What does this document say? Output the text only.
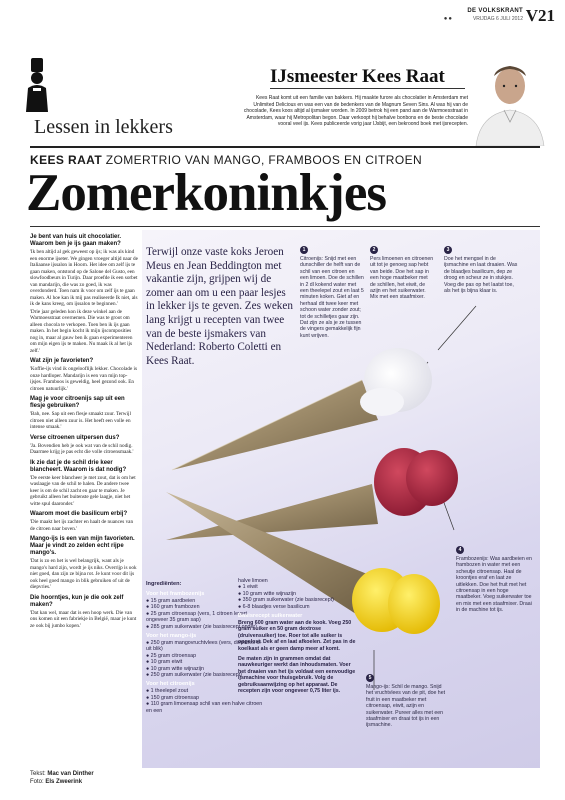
●●
DE VOLKSKRANT
VRIJDAG 6 JULI 2012 V21
Lessen in lekkers
IJsmeester Kees Raat
Kees Raat komt uit een familie van bakkers. Hij maakte furore als chocolatier in Amsterdam met Unlimited Delicious en was een van de bedenkers van de Magnum Seven Sins. Al was hij van de chocolade, Kees koos altijd al ijsmaker worden. In 2009 betrok hij een pand aan de Warmoesstraat in Amsterdam, waar hij Metropolitan begon. Daar verkoopt hij behalve bonbons en de beste chocolade vooral veel ijs. Kees publiceerde vorig jaar IJsbijt, een bekroond boek met ijsrecepten.
KEES RAAT ZOMERTRIO VAN MANGO, FRAMBOOS EN CITROEN
Zomerkoninkjes
Je bent van huis uit chocolatier. Waarom ben je ijs gaan maken?
'Ik ben altijd al gek geweest op ijs; ik was als kind een enorme ijseter. We gingen vroeger altijd naar de Italiaanse ijssalon in Hoorn. Het idee om zelf ijs te gaan maken, ontstond op de Salone del Gusto, een slowfoodbeurs in Turijn. Daar proefde ik een sorbet van mandarijn, die was zo goed, ik was overdonderd. Toen nam ik voor om zelf ijs te gaan maken. Al hoe kan ik mij pas realiseerde Ik niet, als ik de kans kreeg, om ijssalon te beginnen.'
'Drie jaar geleden kon ik deze winkel aan de Warmoesstraat overnemen. Die was te groot om alleen chocola te verkopen. Toen ben ik ijs gaan maken. In het begin kocht ik mijn ijscomposities nog in, maar al gauw ben ik gaan experimenteren om mijn eigen ijs te maken. Nu maak ik al het ijs zelf.'
Wat zijn je favorieten?
'Koffie-ijs vind ik ongelooflijk lekker. Chocolade is onze hardloper. Mandarijn is een van mijn top-ijsjes. Framboos is geweldig, heel gezond ook. En citroen natuurlijk.'
Mag je voor citroenijs sap uit een flesje gebruiken?
'Bah, nee. Sap uit een flesje smaakt zuur. Terwijl citroen niet alleen zuur is. Het heeft een volle en intense smaak.'
Verse citroenen uitpersen dus?
'Ja. Bovendien heb je ook wat van de schil nodig. Daarmee krijg je pas echt die volle citroensmaak.'
Ik zie dat je de schil drie keer blancheert. Waarom is dat nodig?
'De eerste keer blancheer je met zout, dat is om het waslaagje van de schil te halen. De andere twee keer is om de schil zacht en gaar te maken. Je gebruikt alleen het buitenste gele laagje, niet het witte spul daaronder.'
Waarom moet die basilicum erbij?
'Die maakt het ijs zachter en haalt de nuances van de citroen naar boven.'
Mango-ijs is een van mijn favorieten. Maar je vindt zo zelden echt rijpe mango's.
'Dat is zo en het is wel belangrijk, want als je mango's hard zijn, wordt je ijs niks. Overrijp is ook niet goed, dan zijn ze bijna rot. Je kunt voor dit ijs ook heel goed mango in blik gebruiken of uit de diepvries.'
Die hoorntjes, kun je die ook zelf maken?
'Dat kan wel, maar dat is een hoop werk. Die van ons komen uit een fabriekje in België, maar je kunt ze ook bij jumbo kopen.'
Tekst: Mac van Dinther
Foto: Els Zweerink
Terwijl onze vaste koks Jeroen Meus en Jean Beddington met vakantie zijn, grijpen wij de zomer aan om u een paar lesjes in lekker ijs te geven. Zes weken lang krijgt u recepten van twee van de beste ijsmakers van Nederland: Roberto Coletti en Kees Raat.
1
Citroenijs: Snijd met een dunschiller de helft van de schil van een citroen en een limoen. Doe de schillen in 2 dl kokend water met een theelepel zout en laat 5 minuten koken. Giet af en herhaal dit twee keer met schoon water zonder zout; tot de schilletjes gaar zijn. Dat zijn ze als je ze tussen de vingers gemakkelijk fijn kunt wrijven.
2
Pers limoenen en citroenen uit tot je genoeg sap hebt van beide. Doe het sap in een hoge maatbeker met de schillen, het eiwit, de azijn en het suikerwater. Mix met een staafmixer.
3
Doe het mengsel in de ijsmachine en laat draaien. Was de blaadjes basilicum, dep ze droog en scheur ze in stukjes. Voeg die pas op het laatst toe, als het ijs bijna klaar is.
4
Frambozenijs: Was aardbeien en frambozen in water met een scheutje citroensap. Haal de kroontjes eraf en laat ze uitlekken. Doe het fruit met het citroensap in een hoge maatbeker. Voeg suikerwater toe en mix met een staafmixer. Draai in de machine tot ijs.
5
Mango-ijs: Schil de mango. Snijd het vruchtvlees van de pit, doe het fruit in een maatbeker met citroensap, eiwit, azijn en suikerwater. Pureer alles met een staafmixer en draai tot ijs in een ijsmachine.
Ingrediënten:
Voor het frambozenijs

● 15 gram aardbeien

● 160 gram frambozen

● 25 gram citroensap (vers, 1 citroen levert ongeveer 35 gram sap)

● 285 gram suikerwater (zie basisrecept onder)

Voor het mango-ijs

● 250 gram mangovruchtvlees (vers, diepvries of uit blik)

● 25 gram citroensap

● 10 gram eiwit

● 10 gram witte wijnazijn

● 250 gram suikerwater (zie basisrecept)

Voor het citroenijs

● 1 theelepel zout

● 150 gram citroensap

● 110 gram limoensap schil van een halve citroen en een

halve limoen

● 1 eiwit

● 10 gram witte wijnazijn

● 350 gram suikerwater (zie basisrecept)

● 6-8 blaadjes verse basilicum

Basisrecept suikerwater

Breng 600 gram water aan de kook. Voeg 250 gram suiker en 50 gram dextrose (druivensuiker) toe. Roer tot alle suiker is opgelost. Dek af en laat afkoelen. Zet pas in de koelkast als er geen damp meer af komt.

De maten zijn in grammen omdat dat nauwkeuriger werkt dan inhoudsmaten. Voer het draaien van het ijs voldaat een eenvoudige ijsmachine voor thuisgebruik. Volg de gebruiksaanwijzing op het apparaat. De recepten zijn voor ongeveer 0,75 liter ijs.
